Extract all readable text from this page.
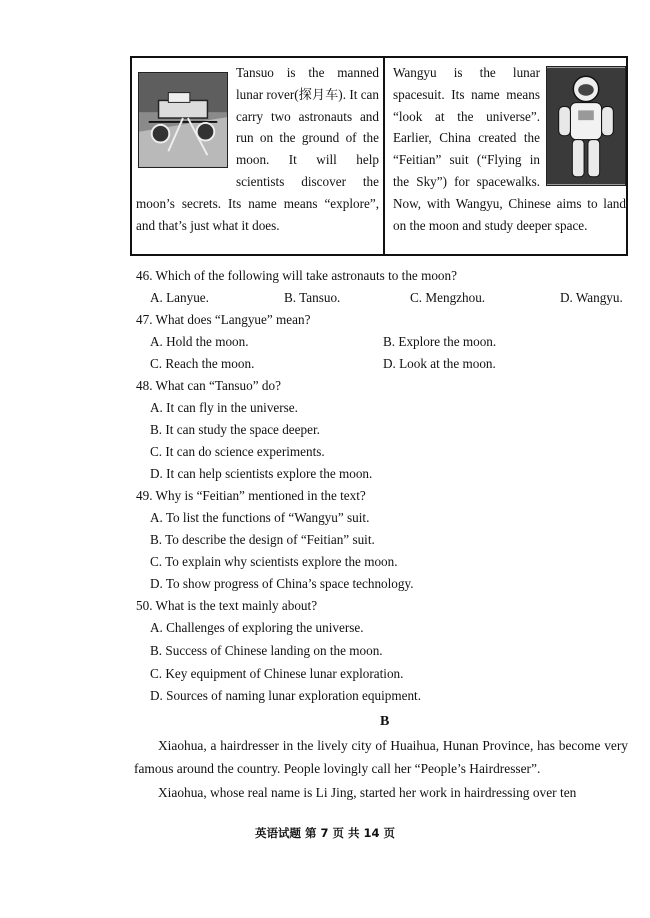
Tansuo is the manned lunar rover(探月车). It can carry two astronauts and run on the ground of the moon. It will help scientists discover the moon’s secrets. Its name means “explore”, and that’s just what it does.

Wangyu is the lunar spacesuit. Its name means “look at the universe”. Earlier, China created the “Feitian” suit (“Flying in the Sky”) for spacewalks. Now, with Wangyu, Chinese aims to land on the moon and study deeper space.

46. Which of the following will take astronauts to the moon?
A. Lanyue.	B. Tansuo.	C. Mengzhou.	D. Wangyu.
47. What does “Langyue” mean?
A. Hold the moon.	B. Explore the moon.
C. Reach the moon.	D. Look at the moon.
48. What can “Tansuo” do?
A. It can fly in the universe.
B. It can study the space deeper.
C. It can do science experiments.
D. It can help scientists explore the moon.
49. Why is “Feitian” mentioned in the text?
A. To list the functions of “Wangyu” suit.
B. To describe the design of “Feitian” suit.
C. To explain why scientists explore the moon.
D. To show progress of China’s space technology.
50. What is the text mainly about?
A. Challenges of exploring the universe.
B. Success of Chinese landing on the moon.
C. Key equipment of Chinese lunar exploration.
D. Sources of naming lunar exploration equipment.
B
Xiaohua, a hairdresser in the lively city of Huaihua, Hunan Province, has become very famous around the country. People lovingly call her “People’s Hairdresser”.
Xiaohua, whose real name is Li Jing, started her work in hairdressing over ten
英语试题 第 7 页 共 14 页
